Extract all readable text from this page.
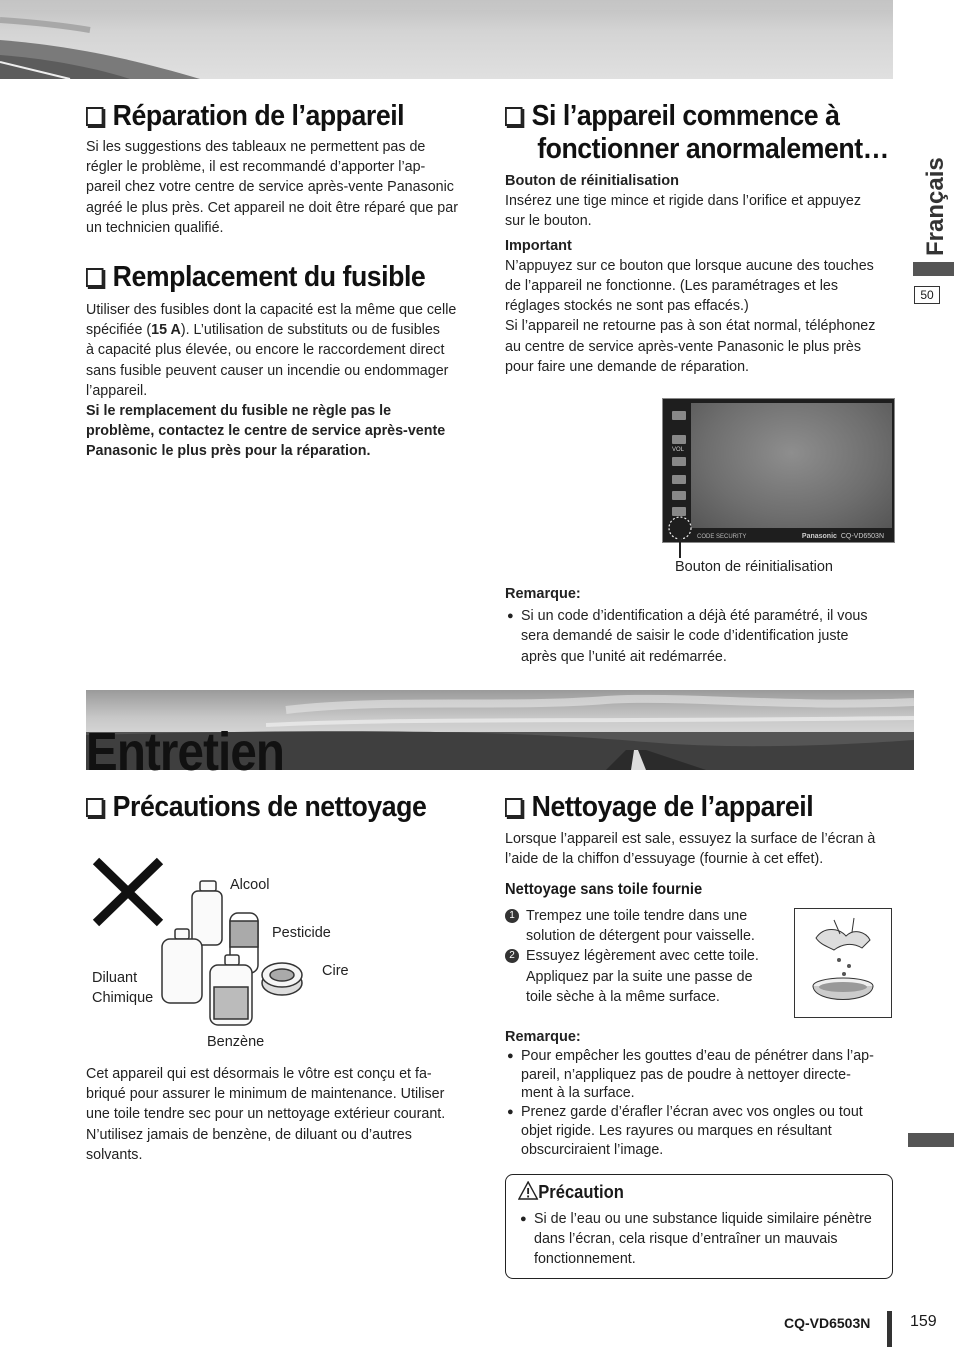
Français
50
Réparation de l’appareil

Si les suggestions des tableaux ne permettent pas de

régler le problème, il est recommandé d’apporter l’ap-

pareil chez votre centre de service après-vente Panasonic

agréé le plus près. Cet appareil ne doit être réparé que par

un technicien qualifié.

Remplacement du fusible

Utiliser des fusibles dont la capacité est la même que celle

spécifiée (15 A). L’utilisation de substituts ou de fusibles

à capacité plus élevée, ou encore le raccordement direct

sans fusible peuvent causer un incendie ou endommager

l’appareil.

Si le remplacement du fusible ne règle pas le

problème, contactez le centre de service après-vente

Panasonic le plus près pour la réparation.

Si l’appareil commence à
fonctionner anormalement…

Bouton de réinitialisation

Insérez une tige mince et rigide dans l’orifice et appuyez

sur le bouton.

Important

N’appuyez sur ce bouton que lorsque aucune des touches

de l’appareil ne fonctionne. (Les paramétrages et les

réglages stockés ne sont pas effacés.)

Si l’appareil ne retourne pas à son état normal, téléphonez

au centre de service après-vente Panasonic le plus près

pour faire une demande de réparation.

VOL
CODE SECURITY	Panasonic CQ-VD6503N
Bouton de réinitialisation

Remarque:

● Si un code d’identification a déjà été paramétré, il vous
sera demandé de saisir le code d’identification juste
après que l’unité ait redémarrée.
Entretien
Précautions de nettoyage
Alcool
Pesticide
Diluant
Chimique
Cire
Benzène

Cet appareil qui est désormais le vôtre est conçu et fa-

briqué pour assurer le minimum de maintenance. Utiliser

une toile tendre sec pour un nettoyage extérieur courant.

N’utilisez jamais de benzène, de diluant ou d’autres

solvants.

Nettoyage de l’appareil

Lorsque l’appareil est sale, essuyez la surface de l’écran à

l’aide de la chiffon d’essuyage (fournie à cet effet).

Nettoyage sans toile fournie
1 Trempez une toile tendre dans une
solution de détergent pour vaisselle.
2 Essuyez légèrement avec cette toile.
Appliquez par la suite une passe de
toile sèche à la même surface.

Remarque:

● Pour empêcher les gouttes d’eau de pénétrer dans l’ap-
pareil, n’appliquez pas de poudre à nettoyer directe-
ment à la surface.
● Prenez garde d’érafler l’écran avec vos ongles ou tout
objet rigide. Les rayures ou marques en résultant
obscurciraient l’image.
Précaution
● Si de l’eau ou une substance liquide similaire pénètre
dans l’écran, cela risque d’entraîner un mauvais
fonctionnement.
CQ-VD6503N 159
